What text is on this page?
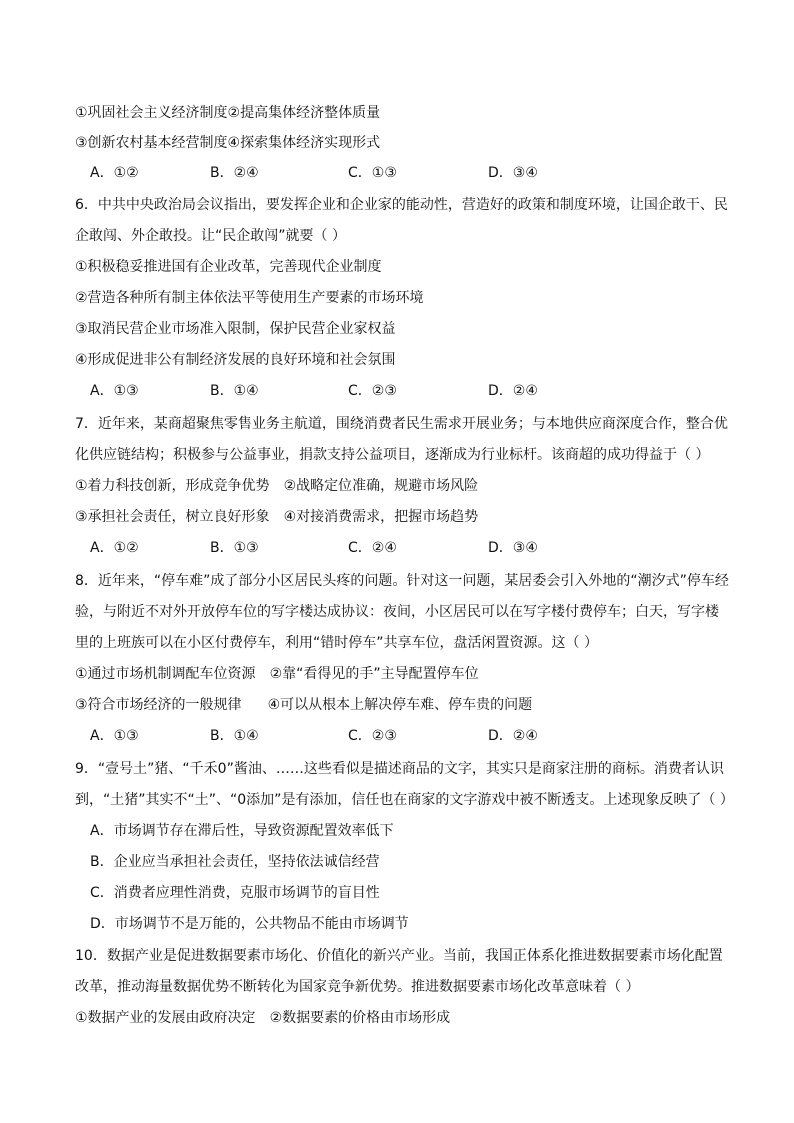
①巩固社会主义经济制度②提高集体经济整体质量
③创新农村基本经营制度④探索集体经济实现形式
A．①②	B．②④	C．①③	D．③④
6．中共中央政治局会议指出，要发挥企业和企业家的能动性，营造好的政策和制度环境，让国企敢干、民
企敢闯、外企敢投。让“民企敢闯”就要（ ）
①积极稳妥推进国有企业改革，完善现代企业制度
②营造各种所有制主体依法平等使用生产要素的市场环境
③取消民营企业市场准入限制，保护民营企业家权益
④形成促进非公有制经济发展的良好环境和社会氛围
A．①③	B．①④	C．②③	D．②④
7．近年来，某商超聚焦零售业务主航道，围绕消费者民生需求开展业务；与本地供应商深度合作，整合优
化供应链结构；积极参与公益事业，捐款支持公益项目，逐渐成为行业标杆。该商超的成功得益于（ ）
①着力科技创新，形成竞争优势 ②战略定位准确，规避市场风险
③承担社会责任，树立良好形象 ④对接消费需求，把握市场趋势
A．①②	B．①③	C．②④	D．③④
8．近年来，“停车难”成了部分小区居民头疼的问题。针对这一问题，某居委会引入外地的“潮汐式”停车经
验，与附近不对外开放停车位的写字楼达成协议：夜间，小区居民可以在写字楼付费停车；白天，写字楼
里的上班族可以在小区付费停车，利用“错时停车”共享车位，盘活闲置资源。这（ ）
①通过市场机制调配车位资源 ②靠“看得见的手”主导配置停车位
③符合市场经济的一般规律 ④可以从根本上解决停车难、停车贵的问题
A．①③	B．①④	C．②③	D．②④
9．“壹号土”猪、“千禾0”酱油、……这些看似是描述商品的文字，其实只是商家注册的商标。消费者认识
到，“土猪”其实不“土”、“0添加”是有添加，信任也在商家的文字游戏中被不断透支。上述现象反映了（ ）
A．市场调节存在滞后性，导致资源配置效率低下
B．企业应当承担社会责任，坚持依法诚信经营
C．消费者应理性消费，克服市场调节的盲目性
D．市场调节不是万能的，公共物品不能由市场调节
10．数据产业是促进数据要素市场化、价值化的新兴产业。当前，我国正体系化推进数据要素市场化配置
改革，推动海量数据优势不断转化为国家竞争新优势。推进数据要素市场化改革意味着（ ）
①数据产业的发展由政府决定 ②数据要素的价格由市场形成
